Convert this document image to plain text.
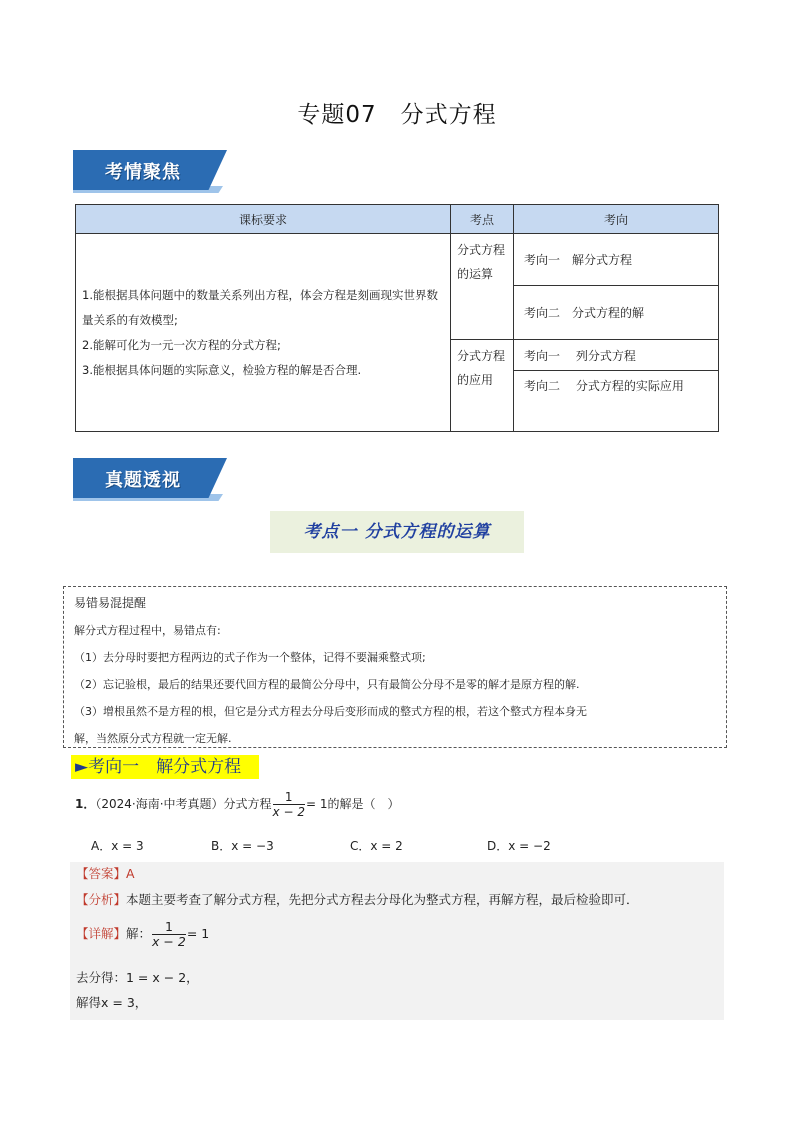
专题07　分式方程
考情聚焦
课标要求	考点	考向

1.能根据具体问题中的数量关系列出方程，体会方程是刻画现实世界数量关系的有效模型;
2.能解可化为一元一次方程的分式方程;
3.能根据具体问题的实际意义，检验方程的解是否合理.	分式方程的运算	考向一　解分式方程
		考向二　分式方程的解
	分式方程的应用	考向一　 列分式方程
		考向二　 分式方程的实际应用
真题透视
考点一 分式方程的运算
易错易混提醒
解分式方程过程中，易错点有:
（1）去分母时要把方程两边的式子作为一个整体，记得不要漏乘整式项;
（2）忘记验根，最后的结果还要代回方程的最简公分母中，只有最简公分母不是零的解才是原方程的解.
（3）增根虽然不是方程的根，但它是分式方程去分母后变形而成的整式方程的根，若这个整式方程本身无
解，当然原分式方程就一定无解.
►考向一　解分式方程
1．（2024·海南·中考真题）分式方程 $\frac{1}{x - 2} = 1$的解是（　）
A．x = 3	B．x = −3	C．x = 2	D．x = −2
【答案】A
【分析】本题主要考查了解分式方程，先把分式方程去分母化为整式方程，再解方程，最后检验即可．
【详解】解： $\frac{1}{x - 2} = 1$
去分得：1 = x − 2，
解得x = 3，
